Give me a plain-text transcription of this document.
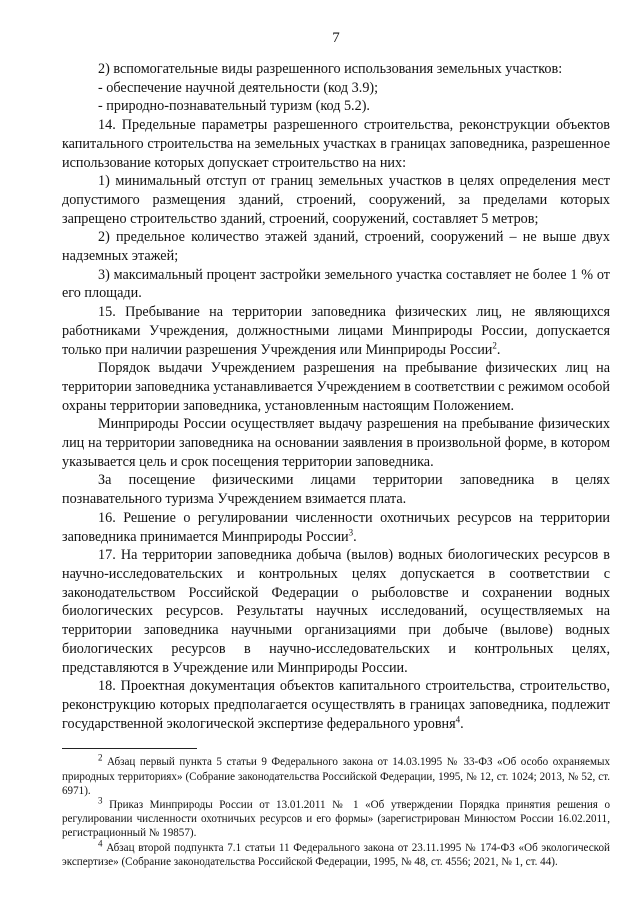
7

2) вспомогательные виды разрешенного использования земельных участков:

- обеспечение научной деятельности (код 3.9);

- природно-познавательный туризм (код 5.2).

14. Предельные параметры разрешенного строительства, реконструкции объектов капитального строительства на земельных участках в границах заповедника, разрешенное использование которых допускает строительство на них:

1) минимальный отступ от границ земельных участков в целях определения мест допустимого размещения зданий, строений, сооружений, за пределами которых запрещено строительство зданий, строений, сооружений, составляет 5 метров;

2) предельное количество этажей зданий, строений, сооружений – не выше двух надземных этажей;

3) максимальный процент застройки земельного участка составляет не более 1 % от его площади.

15. Пребывание на территории заповедника физических лиц, не являющихся работниками Учреждения, должностными лицами Минприроды России, допускается только при наличии разрешения Учреждения или Минприроды России$^2$.

Порядок выдачи Учреждением разрешения на пребывание физических лиц на территории заповедника устанавливается Учреждением в соответствии с режимом особой охраны территории заповедника, установленным настоящим Положением.

Минприроды России осуществляет выдачу разрешения на пребывание физических лиц на территории заповедника на основании заявления в произвольной форме, в котором указывается цель и срок посещения территории заповедника.

За посещение физическими лицами территории заповедника в целях познавательного туризма Учреждением взимается плата.

16. Решение о регулировании численности охотничьих ресурсов на территории заповедника принимается Минприроды России$^3$.

17. На территории заповедника добыча (вылов) водных биологических ресурсов в научно-исследовательских и контрольных целях допускается в соответствии с законодательством Российской Федерации о рыболовстве и сохранении водных биологических ресурсов. Результаты научных исследований, осуществляемых на территории заповедника научными организациями при добыче (вылове) водных биологических ресурсов в научно-исследовательских и контрольных целях, представляются в Учреждение или Минприроды России.

18. Проектная документация объектов капитального строительства, строительство, реконструкцию которых предполагается осуществлять в границах заповедника, подлежит государственной экологической экспертизе федерального уровня$^4$.

$^2$ Абзац первый пункта 5 статьи 9 Федерального закона от 14.03.1995 № 33-ФЗ «Об особо охраняемых природных территориях» (Собрание законодательства Российской Федерации, 1995, № 12, ст. 1024; 2013, № 52, ст. 6971).

$^3$ Приказ Минприроды России от 13.01.2011 № 1 «Об утверждении Порядка принятия решения о регулировании численности охотничьих ресурсов и его формы» (зарегистрирован Минюстом России 16.02.2011, регистрационный № 19857).

$^4$ Абзац второй подпункта 7.1 статьи 11 Федерального закона от 23.11.1995 № 174-ФЗ «Об экологической экспертизе» (Собрание законодательства Российской Федерации, 1995, № 48, ст. 4556; 2021, № 1, ст. 44).
